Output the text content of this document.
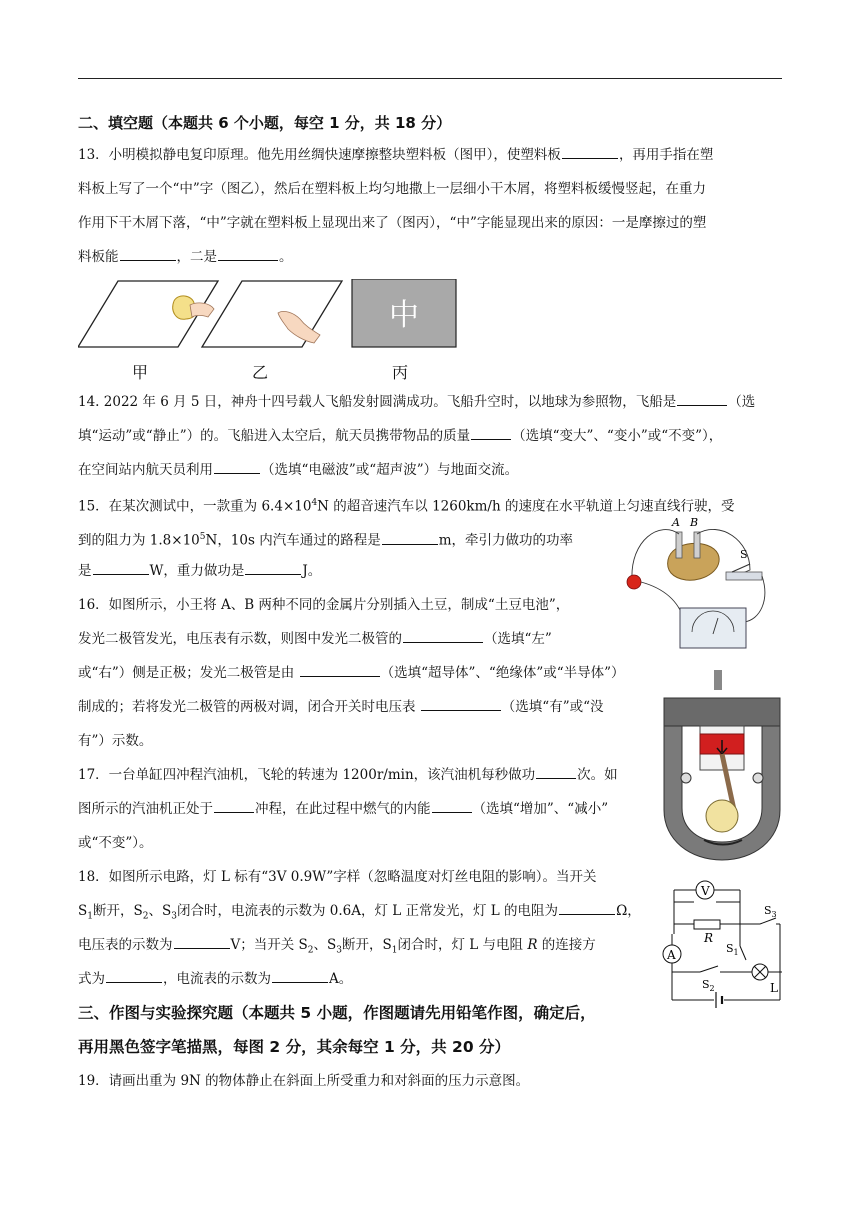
二、填空题（本题共 6 个小题，每空 1 分，共 18 分）
13．小明模拟静电复印原理。他先用丝绸快速摩擦整块塑料板（图甲），使塑料板	，再用手指在塑
料板上写了一个“中”字（图乙），然后在塑料板上均匀地撒上一层细小干木屑，将塑料板缓慢竖起，在重力
作用下干木屑下落，“中”字就在塑料板上显现出来了（图丙），“中”字能显现出来的原因：一是摩擦过的塑
料板能	，二是	。
中
甲	乙	丙
14. 2022 年 6 月 5 日，神舟十四号载人飞船发射圆满成功。飞船升空时，以地球为参照物，飞船是	（选
填“运动”或“静止”）的。飞船进入太空后，航天员携带物品的质量	（选填“变大”、“变小”或“不变”），
在空间站内航天员利用	（选填“电磁波”或“超声波”）与地面交流。
15．在某次测试中，一款重为 $6.4\times 10^4N$ 的超音速汽车以 1260km/h 的速度在水平轨道上匀速直线行驶，受
到的阻力为 $1.8\times 10^5N$，10s 内汽车通过的路程是	m，牵引力做功的功率
是	W，重力做功是	J。
16．如图所示，小王将 A、B 两种不同的金属片分别插入土豆，制成“土豆电池”，
发光二极管发光，电压表有示数，则图中发光二极管的	（选填“左”
或“右”）侧是正极；发光二极管是由	（选填“超导体”、“绝缘体”或“半导体”）
制成的；若将发光二极管的两极对调，闭合开关时电压表	（选填“有”或“没
有”）示数。
A B
S
17．一台单缸四冲程汽油机，飞轮的转速为 1200r/min，该汽油机每秒做功	次。如
图所示的汽油机正处于	冲程，在此过程中燃气的内能	（选填“增加”、“减小”
或“不变”）。
18．如图所示电路，灯 L 标有“3V 0.9W”字样（忽略温度对灯丝电阻的影响）。当开关
$S_1$断开，$S_2$、$S_3$闭合时，电流表的示数为 0.6A，灯 L 正常发光，灯 L 的电阻为	Ω，
电压表的示数为	V；当开关 $S_2$、$S_3$断开，$S_1$闭合时，灯 L 与电阻 R 的连接方
式为	，电流表的示数为	A。
V
R
$S_3$
A	$S_1$
$S_2$	L
三、作图与实验探究题（本题共 5 小题，作图题请先用铅笔作图，确定后，
再用黑色签字笔描黑，每图 2 分，其余每空 1 分，共 20 分）
19．请画出重为 9N 的物体静止在斜面上所受重力和对斜面的压力示意图。
